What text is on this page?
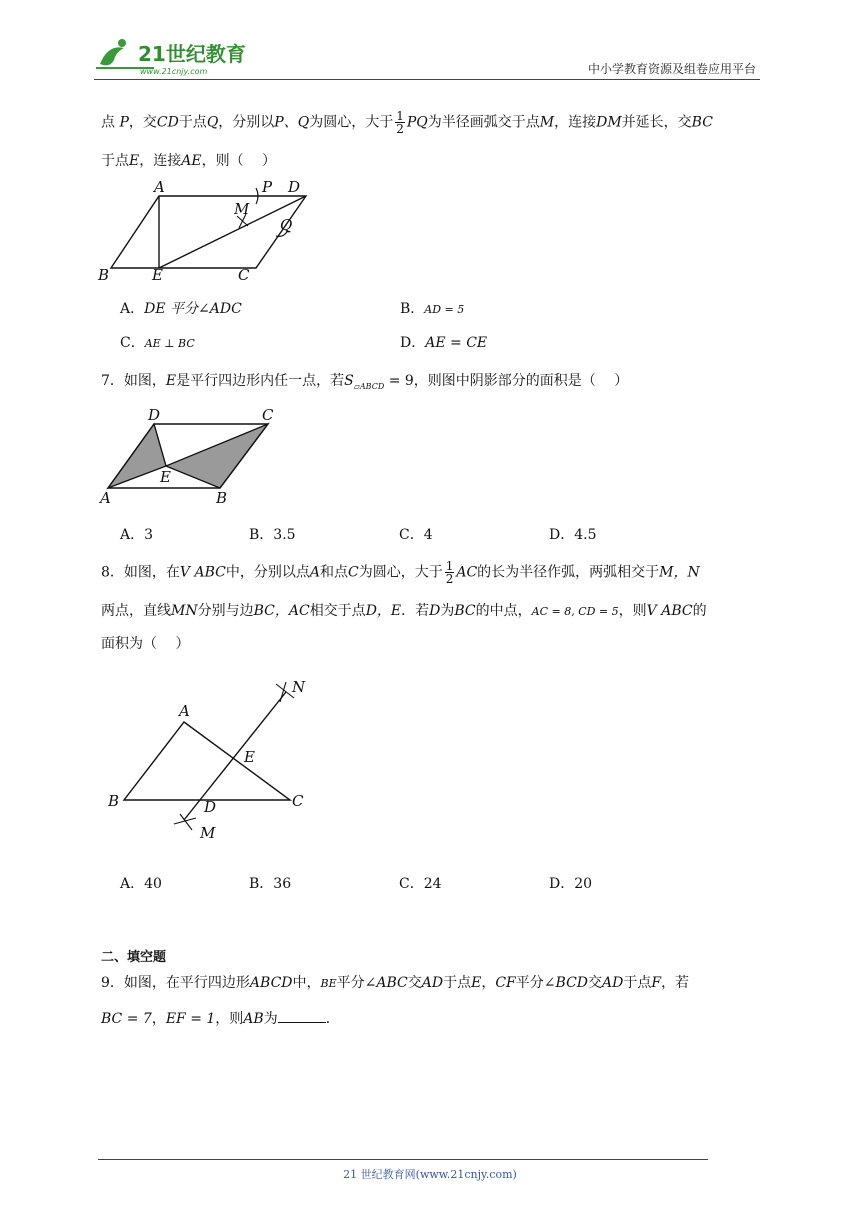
21世纪教育
www.21cnjy.com	中小学教育资源及组卷应用平台
点 P，交CD于点Q，分别以P、Q为圆心，大于 $\frac{1}{2}$ PQ为半径画弧交于点M，连接DM并延长，交BC
于点E，连接AE，则（　 ）
A
B	C
D
E
M
P
Q
A．DE 平分∠ADC	B．AD = 5
C．AE ⊥ BC	D．AE = CE
7．如图，E是平行四边形内任一点，若$S_{▱ABCD} = 9$，则图中阴影部分的面积是（　 ）
A	B
C
D
E
A．3	B．3.5	C．4	D．4.5
8．如图，在V ABC中，分别以点A和点C为圆心，大于 $\frac{1}{2}$ AC的长为半径作弧，两弧相交于M，N
两点，直线MN分别与边BC，AC相交于点D，E．若D为BC的中点，AC = 8, CD = 5，则V ABC的
面积为（　 ）
A
B	C
D
E
M
N
A．40	B．36	C．24	D．20
二、填空题
9．如图，在平行四边形ABCD中，BE平分∠ABC交AD于点E，CF平分∠BCD交AD于点F，若
BC = 7，EF = 1，则AB为	．
21 世纪教育网(www.21cnjy.com)
